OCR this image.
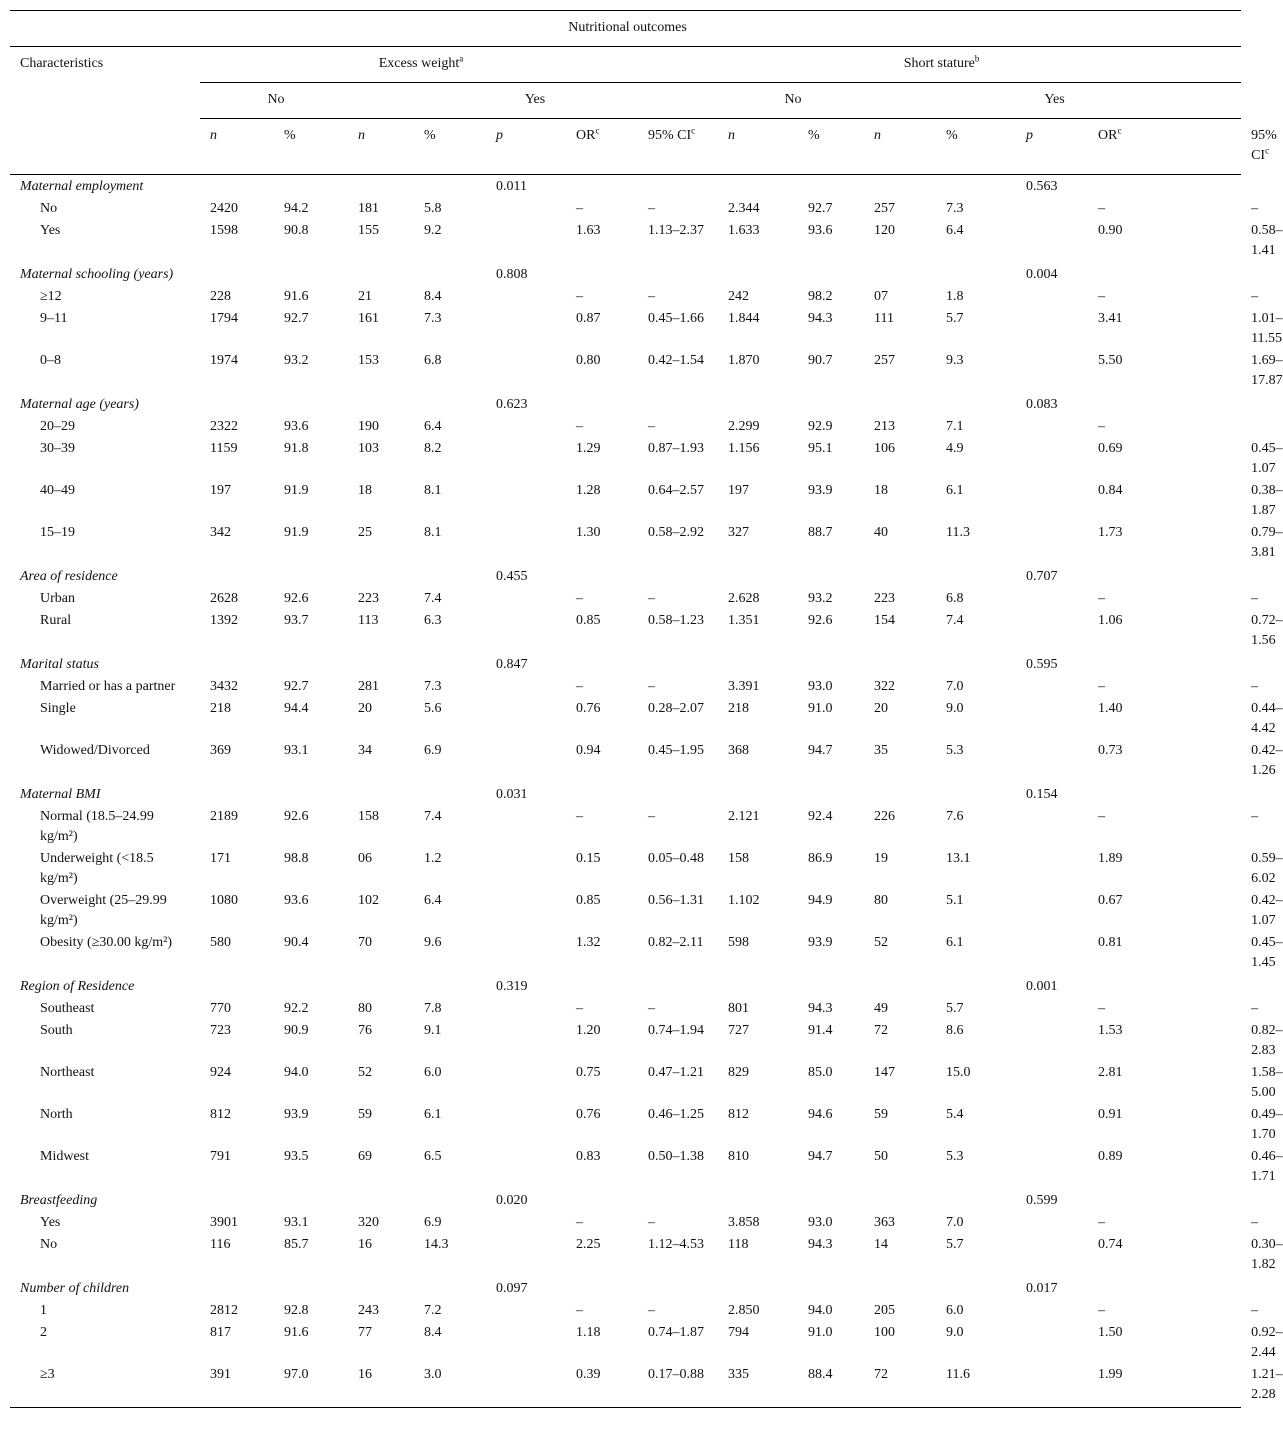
Nutritional outcomes														
Characteristics	Excess weight$^a$						Short stature$^b$
	No		Yes					No		Yes				
	n	%	n	%	p	$OR^c$	95% $CI^c$	n	%	n	%	p	$OR^c$	95% $CI^c$
Maternal employment					0.011							0.563		
No	2420	94.2	181	5.8		–	–	2.344	92.7	257	7.3		–	–
Yes	1598	90.8	155	9.2		1.63	1.13–2.37	1.633	93.6	120	6.4		0.90	0.58–1.41
Maternal schooling (years)					0.808							0.004		
≥12	228	91.6	21	8.4		–	–	242	98.2	07	1.8		–	–
9–11	1794	92.7	161	7.3		0.87	0.45–1.66	1.844	94.3	111	5.7		3.41	1.01–11.55
0–8	1974	93.2	153	6.8		0.80	0.42–1.54	1.870	90.7	257	9.3		5.50	1.69–17.87
Maternal age (years)					0.623							0.083		
20–29	2322	93.6	190	6.4		–	–	2.299	92.9	213	7.1		–	
30–39	1159	91.8	103	8.2		1.29	0.87–1.93	1.156	95.1	106	4.9		0.69	0.45–1.07
40–49	197	91.9	18	8.1		1.28	0.64–2.57	197	93.9	18	6.1		0.84	0.38–1.87
15–19	342	91.9	25	8.1		1.30	0.58–2.92	327	88.7	40	11.3		1.73	0.79–3.81
Area of residence					0.455							0.707		
Urban	2628	92.6	223	7.4		–	–	2.628	93.2	223	6.8		–	–
Rural	1392	93.7	113	6.3		0.85	0.58–1.23	1.351	92.6	154	7.4		1.06	0.72–1.56
Marital status					0.847							0.595		
Married or has a partner	3432	92.7	281	7.3		–	–	3.391	93.0	322	7.0		–	–
Single	218	94.4	20	5.6		0.76	0.28–2.07	218	91.0	20	9.0		1.40	0.44–4.42
Widowed/Divorced	369	93.1	34	6.9		0.94	0.45–1.95	368	94.7	35	5.3		0.73	0.42–1.26
Maternal BMI					0.031							0.154		
Normal (18.5–24.99 kg/m²)	2189	92.6	158	7.4		–	–	2.121	92.4	226	7.6		–	–
Underweight (<18.5 kg/m²)	171	98.8	06	1.2		0.15	0.05–0.48	158	86.9	19	13.1		1.89	0.59–6.02
Overweight (25–29.99 kg/m²)	1080	93.6	102	6.4		0.85	0.56–1.31	1.102	94.9	80	5.1		0.67	0.42–1.07
Obesity (≥30.00 kg/m²)	580	90.4	70	9.6		1.32	0.82–2.11	598	93.9	52	6.1		0.81	0.45–1.45
Region of Residence					0.319							0.001		
Southeast	770	92.2	80	7.8		–	–	801	94.3	49	5.7		–	–
South	723	90.9	76	9.1		1.20	0.74–1.94	727	91.4	72	8.6		1.53	0.82–2.83
Northeast	924	94.0	52	6.0		0.75	0.47–1.21	829	85.0	147	15.0		2.81	1.58–5.00
North	812	93.9	59	6.1		0.76	0.46–1.25	812	94.6	59	5.4		0.91	0.49–1.70
Midwest	791	93.5	69	6.5		0.83	0.50–1.38	810	94.7	50	5.3		0.89	0.46–1.71
Breastfeeding					0.020							0.599		
Yes	3901	93.1	320	6.9		–	–	3.858	93.0	363	7.0		–	–
No	116	85.7	16	14.3		2.25	1.12–4.53	118	94.3	14	5.7		0.74	0.30–1.82
Number of children					0.097							0.017		
1	2812	92.8	243	7.2		–	–	2.850	94.0	205	6.0		–	–
2	817	91.6	77	8.4		1.18	0.74–1.87	794	91.0	100	9.0		1.50	0.92–2.44
≥3	391	97.0	16	3.0		0.39	0.17–0.88	335	88.4	72	11.6		1.99	1.21–2.28
